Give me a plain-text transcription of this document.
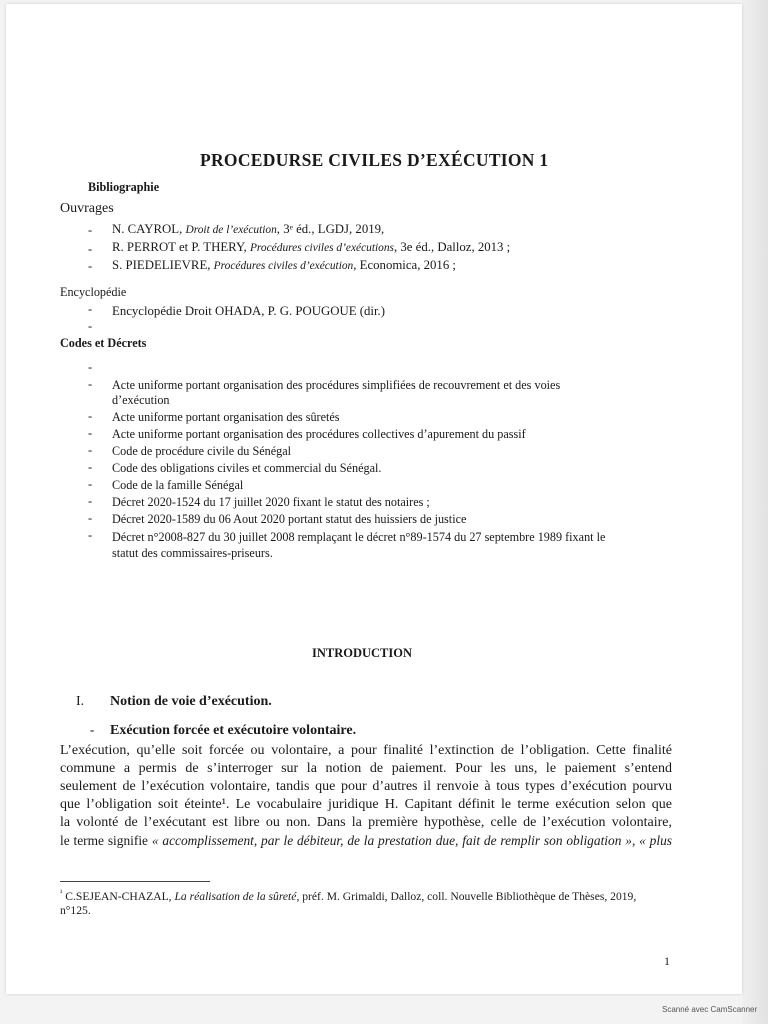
PROCEDURSE CIVILES D’EXÉCUTION 1
Bibliographie
Ouvrages
- N. CAYROL, Droit de l’exécution, 3ᵉ éd., LGDJ, 2019,
- R. PERROT et P. THERY, Procédures civiles d’exécutions, 3e éd., Dalloz, 2013 ;
- S. PIEDELIEVRE, Procédures civiles d’exécution, Economica, 2016 ;
Encyclopédie
- Encyclopédie Droit OHADA, P. G. POUGOUE (dir.)
-
Codes et Décrets
-
- Acte uniforme portant organisation des procédures simplifiées de recouvrement et des voies
d’exécution
- Acte uniforme portant organisation des sûretés
- Acte uniforme portant organisation des procédures collectives d’apurement du passif
- Code de procédure civile du Sénégal
- Code des obligations civiles et commercial du Sénégal.
- Code de la famille Sénégal
- Décret 2020-1524 du 17 juillet 2020 fixant le statut des notaires ;
- Décret 2020-1589 du 06 Aout 2020 portant statut des huissiers de justice
- Décret n°2008-827 du 30 juillet 2008 remplaçant le décret n°89-1574 du 27 septembre 1989 fixant le
statut des commissaires-priseurs.
INTRODUCTION
I. Notion de voie d’exécution.
- Exécution forcée et exécutoire volontaire.
L’exécution, qu’elle soit forcée ou volontaire, a pour finalité l’extinction de l’obligation. Cette finalité
commune a permis de s’interroger sur la notion de paiement. Pour les uns, le paiement s’entend
seulement de l’exécution volontaire, tandis que pour d’autres il renvoie à tous types d’exécution pourvu
que l’obligation soit éteinte¹. Le vocabulaire juridique H. Capitant définit le terme exécution selon que
la volonté de l’exécutant est libre ou non. Dans la première hypothèse, celle de l’exécution volontaire,
le terme signifie « accomplissement, par le débiteur, de la prestation due, fait de remplir son obligation », « plus
$^{^1}$ C.SEJEAN-CHAZAL, La réalisation de la sûreté, préf. M. Grimaldi, Dalloz, coll. Nouvelle Bibliothèque de Thèses, 2019,
n°125.
1
Scanné avec CamScanner
